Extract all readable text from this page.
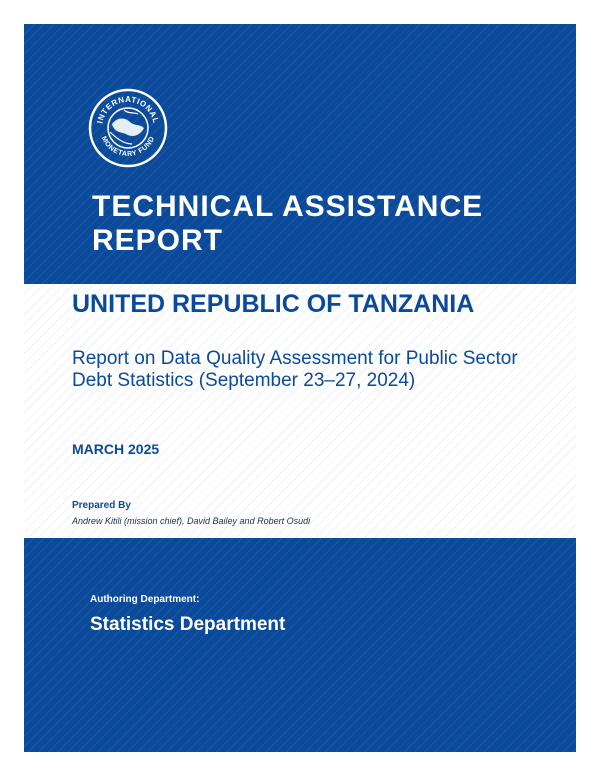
INTERNATIONAL
MONETARY FUND
TECHNICAL ASSISTANCE REPORT
UNITED REPUBLIC OF TANZANIA

Report on Data Quality Assessment for Public Sector Debt Statistics (September 23–27, 2024)

MARCH 2025
Prepared By
Andrew Kitili (mission chief), David Bailey and Robert Osudi
Authoring Department:
Statistics Department
